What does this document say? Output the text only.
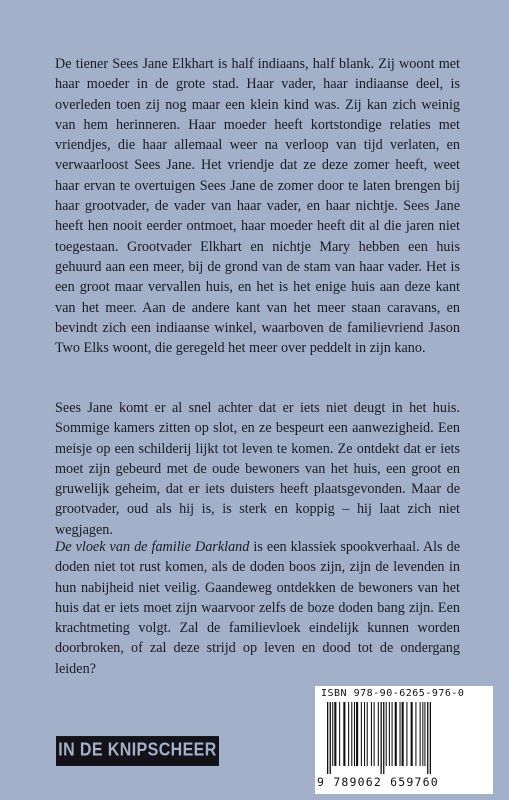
De tiener Sees Jane Elkhart is half indiaans, half blank. Zij woont met haar moeder in de grote stad. Haar vader, haar indiaanse deel, is overleden toen zij nog maar een klein kind was. Zij kan zich weinig van hem herinneren. Haar moeder heeft kortstondige relaties met vriendjes, die haar allemaal weer na verloop van tijd verlaten, en verwaarloost Sees Jane. Het vriendje dat ze deze zomer heeft, weet haar ervan te overtuigen Sees Jane de zomer door te laten brengen bij haar grootvader, de vader van haar vader, en haar nichtje. Sees Jane heeft hen nooit eerder ontmoet, haar moeder heeft dit al die jaren niet toegestaan. Grootvader Elkhart en nichtje Mary hebben een huis gehuurd aan een meer, bij de grond van de stam van haar vader. Het is een groot maar vervallen huis, en het is het enige huis aan deze kant van het meer. Aan de andere kant van het meer staan caravans, en bevindt zich een indiaanse winkel, waarboven de familievriend Jason Two Elks woont, die geregeld het meer over peddelt in zijn kano.

Sees Jane komt er al snel achter dat er iets niet deugt in het huis. Sommige kamers zitten op slot, en ze bespeurt een aanwezigheid. Een meisje op een schilderij lijkt tot leven te komen. Ze ontdekt dat er iets moet zijn gebeurd met de oude bewoners van het huis, een groot en gruwelijk geheim, dat er iets duisters heeft plaatsgevonden. Maar de grootvader, oud als hij is, is sterk en koppig – hij laat zich niet wegjagen.

De vloek van de familie Darkland is een klassiek spookverhaal. Als de doden niet tot rust komen, als de doden boos zijn, zijn de levenden in hun nabijheid niet veilig. Gaandeweg ontdekken de bewoners van het huis dat er iets moet zijn waarvoor zelfs de boze doden bang zijn. Een krachtmeting volgt. Zal de familievloek eindelijk kunnen worden doorbroken, of zal deze strijd op leven en dood tot de ondergang leiden?

IN DE KNIPSCHEER
ISBN 978-90-6265-976-0
9 789062 659760
